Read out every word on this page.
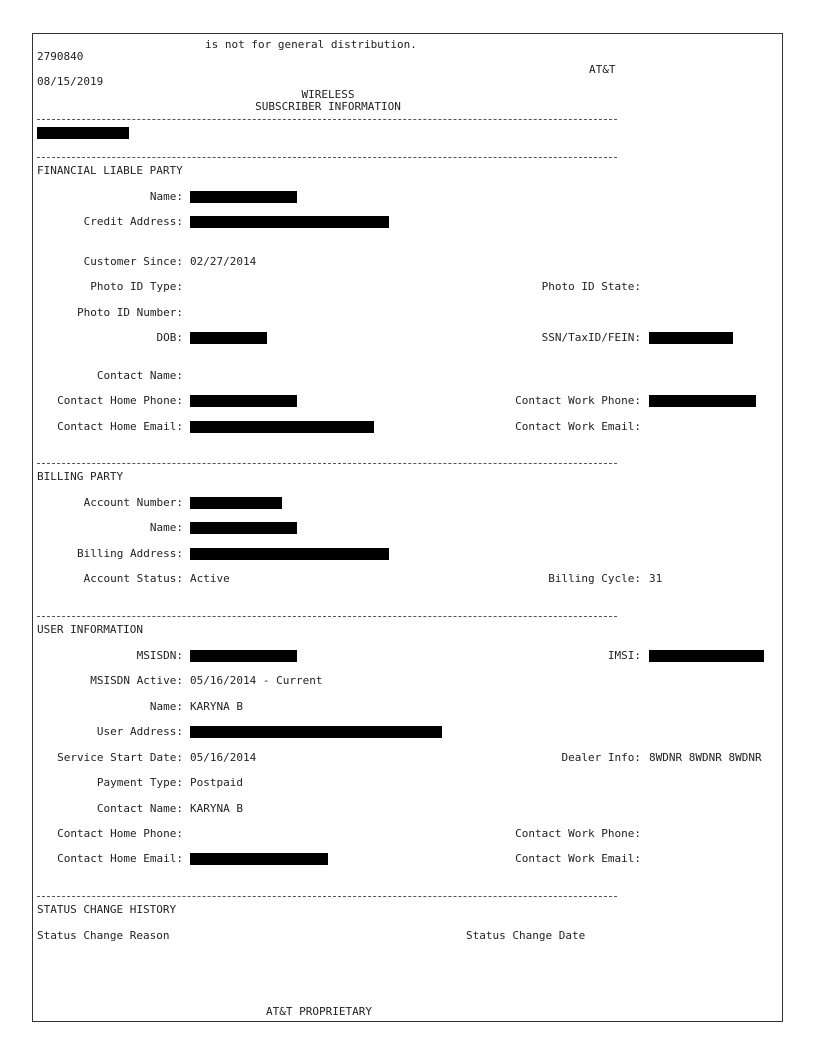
is not for general distribution.
2790840
AT&T
08/15/2019
WIRELESS
SUBSCRIBER INFORMATION
FINANCIAL LIABLE PARTY
Name:
Credit Address:
Customer Since: 02/27/2014
Photo ID Type:	Photo ID State:
Photo ID Number:
DOB:	SSN/TaxID/FEIN:
Contact Name:
Contact Home Phone:	Contact Work Phone:
Contact Home Email:	Contact Work Email:
BILLING PARTY
Account Number:
Name:
Billing Address:
Account Status: Active	Billing Cycle: 31
USER INFORMATION
MSISDN:	IMSI:
MSISDN Active: 05/16/2014 - Current
Name: KARYNA B
User Address:
Service Start Date: 05/16/2014	Dealer Info: 8WDNR 8WDNR 8WDNR
Payment Type: Postpaid
Contact Name: KARYNA B
Contact Home Phone:	Contact Work Phone:
Contact Home Email:	Contact Work Email:
STATUS CHANGE HISTORY
Status Change Reason	Status Change Date
AT&T PROPRIETARY
